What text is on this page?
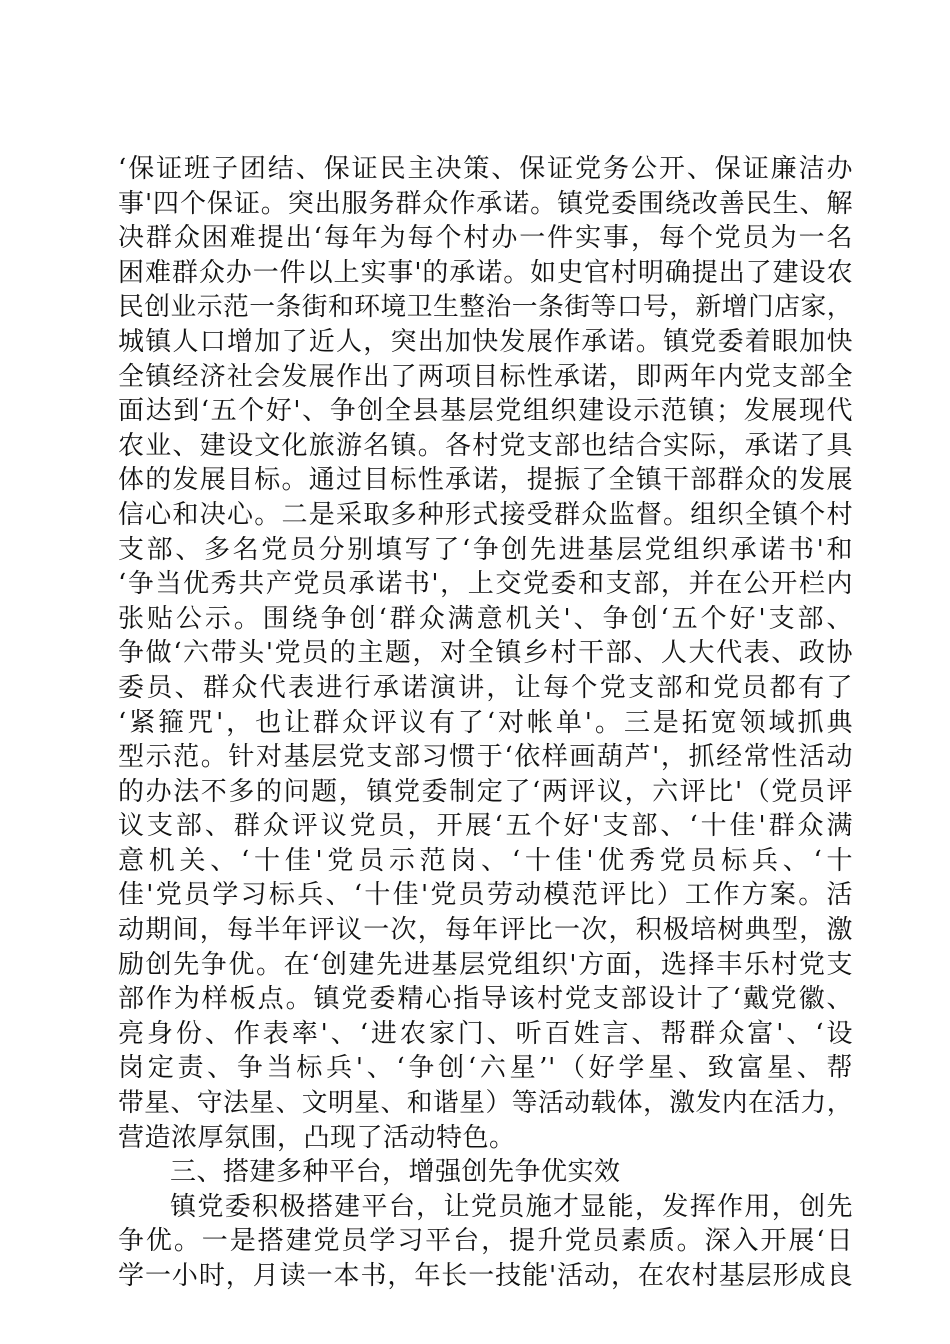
‘保证班子团结、保证民主决策、保证党务公开、保证廉洁办
事'四个保证。突出服务群众作承诺。镇党委围绕改善民生、解
决群众困难提出‘每年为每个村办一件实事，每个党员为一名
困难群众办一件以上实事'的承诺。如史官村明确提出了建设农
民创业示范一条街和环境卫生整治一条街等口号，新增门店家，
城镇人口增加了近人，突出加快发展作承诺。镇党委着眼加快
全镇经济社会发展作出了两项目标性承诺，即两年内党支部全
面达到‘五个好'、争创全县基层党组织建设示范镇；发展现代
农业、建设文化旅游名镇。各村党支部也结合实际，承诺了具
体的发展目标。通过目标性承诺，提振了全镇干部群众的发展
信心和决心。二是采取多种形式接受群众监督。组织全镇个村
支部、多名党员分别填写了‘争创先进基层党组织承诺书'和
‘争当优秀共产党员承诺书'，上交党委和支部，并在公开栏内
张贴公示。围绕争创‘群众满意机关'、争创‘五个好'支部、
争做‘六带头'党员的主题，对全镇乡村干部、人大代表、政协
委员、群众代表进行承诺演讲，让每个党支部和党员都有了
‘紧箍咒'，也让群众评议有了‘对帐单'。三是拓宽领域抓典
型示范。针对基层党支部习惯于‘依样画葫芦'，抓经常性活动
的办法不多的问题，镇党委制定了‘两评议，六评比'（党员评
议支部、群众评议党员，开展‘五个好'支部、‘十佳'群众满
意机关、‘十佳'党员示范岗、‘十佳'优秀党员标兵、‘十
佳'党员学习标兵、‘十佳'党员劳动模范评比）工作方案。活
动期间，每半年评议一次，每年评比一次，积极培树典型，激
励创先争优。在‘创建先进基层党组织'方面，选择丰乐村党支
部作为样板点。镇党委精心指导该村党支部设计了‘戴党徽、
亮身份、作表率'、‘进农家门、听百姓言、帮群众富'、‘设
岗定责、争当标兵'、‘争创‘六星’'（好学星、致富星、帮
带星、守法星、文明星、和谐星）等活动载体，激发内在活力，
营造浓厚氛围，凸现了活动特色。
三、搭建多种平台，增强创先争优实效
镇党委积极搭建平台，让党员施才显能，发挥作用，创先
争优。一是搭建党员学习平台，提升党员素质。深入开展‘日
学一小时，月读一本书，年长一技能'活动，在农村基层形成良
